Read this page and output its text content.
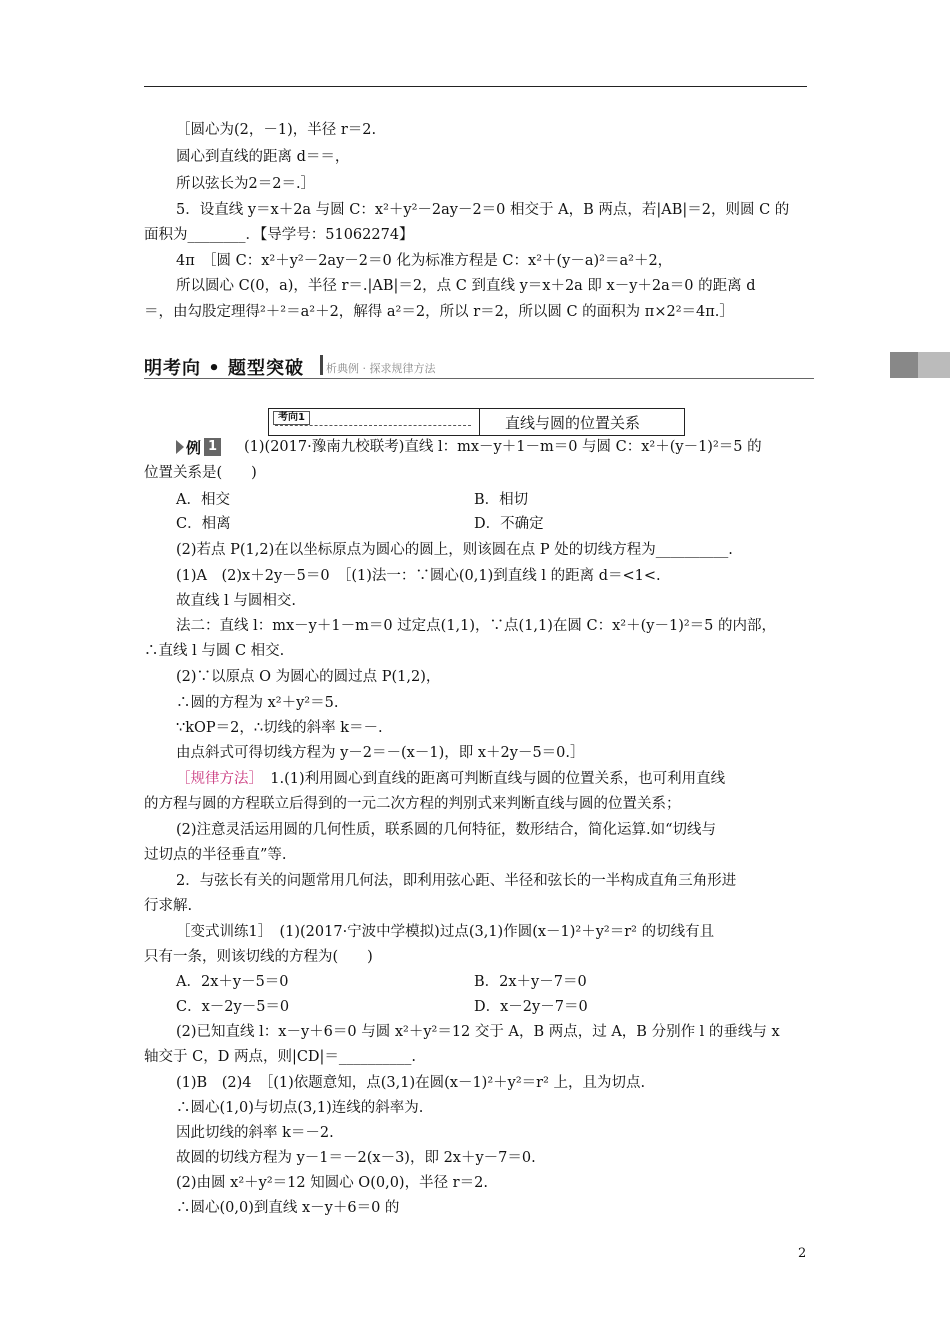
［圆心为(2，－1)，半径 r＝2.
圆心到直线的距离 d＝＝，
所以弦长为2＝2＝.］
5．设直线 y＝x＋2a 与圆 C：x²＋y²－2ay－2＝0 相交于 A，B 两点，若|AB|＝2，则圆 C 的
面积为________．【导学号：51062274】
4π　［圆 C：x²＋y²－2ay－2＝0 化为标准方程是 C：x²＋(y－a)²＝a²＋2，
所以圆心 C(0，a)，半径 r＝.|AB|＝2，点 C 到直线 y＝x＋2a 即 x－y＋2a＝0 的距离 d
＝，由勾股定理得²＋²＝a²＋2，解得 a²＝2，所以 r＝2，所以圆 C 的面积为 π×2²＝4π.］
明考向 • 题型突破 析典例 · 探求规律方法
考向1	直线与圆的位置关系
例 1 (1)(2017·豫南九校联考)直线 l：mx－y＋1－m＝0 与圆 C：x²＋(y－1)²＝5 的
位置关系是(　　)
A．相交	B．相切
C．相离	D．不确定
(2)若点 P(1,2)在以坐标原点为圆心的圆上，则该圆在点 P 处的切线方程为__________.
(1)A　(2)x＋2y－5＝0　［(1)法一：∵圆心(0,1)到直线 l 的距离 d＝<1<.
故直线 l 与圆相交.
法二：直线 l：mx－y＋1－m＝0 过定点(1,1)，∵点(1,1)在圆 C：x²＋(y－1)²＝5 的内部，
∴直线 l 与圆 C 相交.
(2)∵以原点 O 为圆心的圆过点 P(1,2)，
∴圆的方程为 x²＋y²＝5.
∵kOP＝2，∴切线的斜率 k＝－.
由点斜式可得切线方程为 y－2＝－(x－1)，即 x＋2y－5＝0.］
［规律方法］　1.(1)利用圆心到直线的距离可判断直线与圆的位置关系，也可利用直线
的方程与圆的方程联立后得到的一元二次方程的判别式来判断直线与圆的位置关系；
(2)注意灵活运用圆的几何性质，联系圆的几何特征，数形结合，简化运算.如“切线与
过切点的半径垂直”等.
2．与弦长有关的问题常用几何法，即利用弦心距、半径和弦长的一半构成直角三角形进
行求解.
［变式训练1］　(1)(2017·宁波中学模拟)过点(3,1)作圆(x－1)²＋y²＝r² 的切线有且
只有一条，则该切线的方程为(　　)
A．2x＋y－5＝0	B．2x＋y－7＝0
C．x－2y－5＝0	D．x－2y－7＝0
(2)已知直线 l：x－y＋6＝0 与圆 x²＋y²＝12 交于 A，B 两点，过 A，B 分别作 l 的垂线与 x
轴交于 C，D 两点，则|CD|＝__________.
(1)B　(2)4　［(1)依题意知，点(3,1)在圆(x－1)²＋y²＝r² 上，且为切点.
∴圆心(1,0)与切点(3,1)连线的斜率为.
因此切线的斜率 k＝－2.
故圆的切线方程为 y－1＝－2(x－3)，即 2x＋y－7＝0.
(2)由圆 x²＋y²＝12 知圆心 O(0,0)，半径 r＝2.
∴圆心(0,0)到直线 x－y＋6＝0 的
2
